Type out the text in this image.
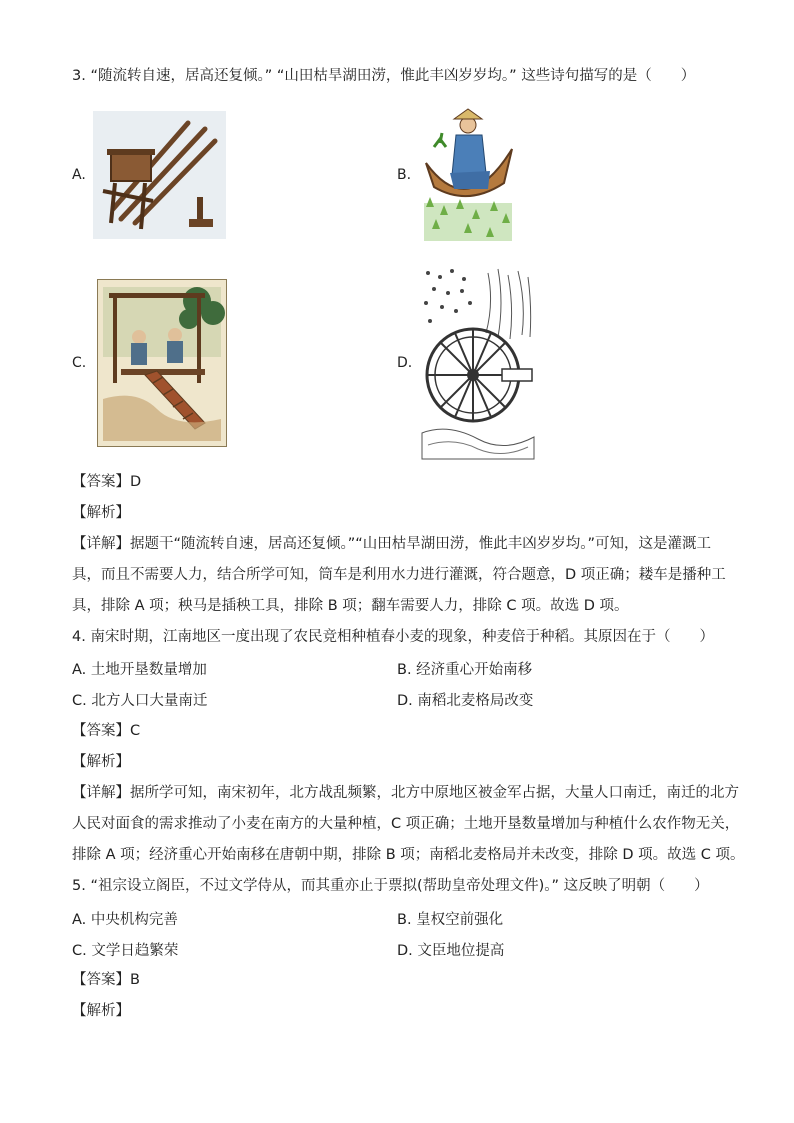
3. “随流转自速，居高还复倾。” “山田枯旱湖田涝，惟此丰凶岁岁均。” 这些诗句描写的是（　　）
A.	B.
C.	D.
【答案】D
【解析】
【详解】据题干“随流转自速，居高还复倾。”“山田枯旱湖田涝，惟此丰凶岁岁均。”可知，这是灌溉工
具，而且不需要人力，结合所学可知，筒车是利用水力进行灌溉，符合题意，D 项正确；耧车是播种工
具，排除 A 项；秧马是插秧工具，排除 B 项；翻车需要人力，排除 C 项。故选 D 项。
4. 南宋时期，江南地区一度出现了农民竞相种植春小麦的现象，种麦倍于种稻。其原因在于（　　）
A. 土地开垦数量增加	B. 经济重心开始南移
C. 北方人口大量南迁	D. 南稻北麦格局改变
【答案】C
【解析】
【详解】据所学可知，南宋初年，北方战乱频繁，北方中原地区被金军占据，大量人口南迁，南迁的北方
人民对面食的需求推动了小麦在南方的大量种植，C 项正确；土地开垦数量增加与种植什么农作物无关，
排除 A 项；经济重心开始南移在唐朝中期，排除 B 项；南稻北麦格局并未改变，排除 D 项。故选 C 项。
5. “祖宗设立阁臣，不过文学侍从，而其重亦止于票拟(帮助皇帝处理文件)。” 这反映了明朝（　　）
A. 中央机构完善	B. 皇权空前强化
C. 文学日趋繁荣	D. 文臣地位提高
【答案】B
【解析】
